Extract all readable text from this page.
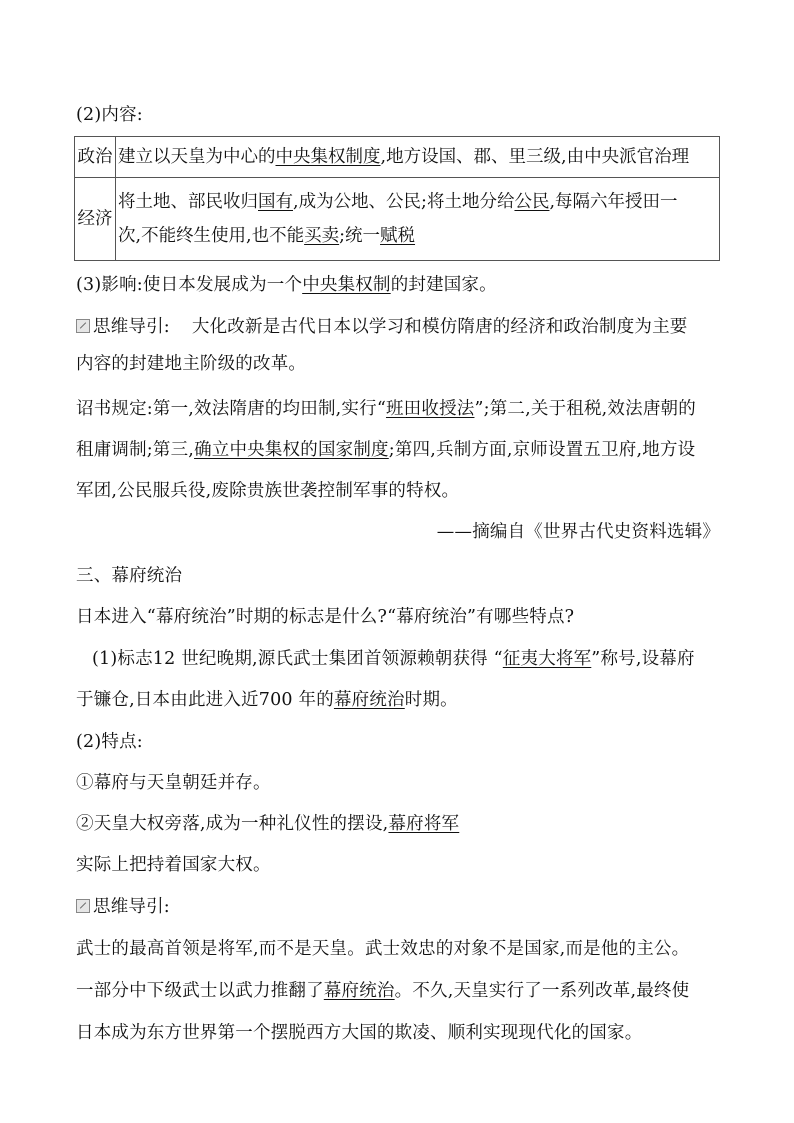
(2)内容:
政治	建立以天皇为中心的中央集权制度,地方设国、郡、里三级,由中央派官治理

经济	将土地、部民收归国有,成为公地、公民;将土地分给公民,每隔六年授田一
次,不能终生使用,也不能买卖;统一赋税
(3)影响:使日本发展成为一个中央集权制的封建国家。
思维导引: 大化改新是古代日本以学习和模仿隋唐的经济和政治制度为主要
内容的封建地主阶级的改革。
诏书规定:第一,效法隋唐的均田制,实行“班田收授法”;第二,关于租税,效法唐朝的
租庸调制;第三,确立中央集权的国家制度;第四,兵制方面,京师设置五卫府,地方设
军团,公民服兵役,废除贵族世袭控制军事的特权。
——摘编自《世界古代史资料选辑》
三、幕府统治
日本进入“幕府统治”时期的标志是什么?“幕府统治”有哪些特点?
(1)标志12 世纪晚期,源氏武士集团首领源赖朝获得 “征夷大将军”称号,设幕府
于镰仓,日本由此进入近700 年的幕府统治时期。
(2)特点:
①幕府与天皇朝廷并存。
②天皇大权旁落,成为一种礼仪性的摆设,幕府将军
实际上把持着国家大权。
思维导引:
武士的最高首领是将军,而不是天皇。武士效忠的对象不是国家,而是他的主公。
一部分中下级武士以武力推翻了幕府统治。不久,天皇实行了一系列改革,最终使
日本成为东方世界第一个摆脱西方大国的欺凌、顺利实现现代化的国家。
